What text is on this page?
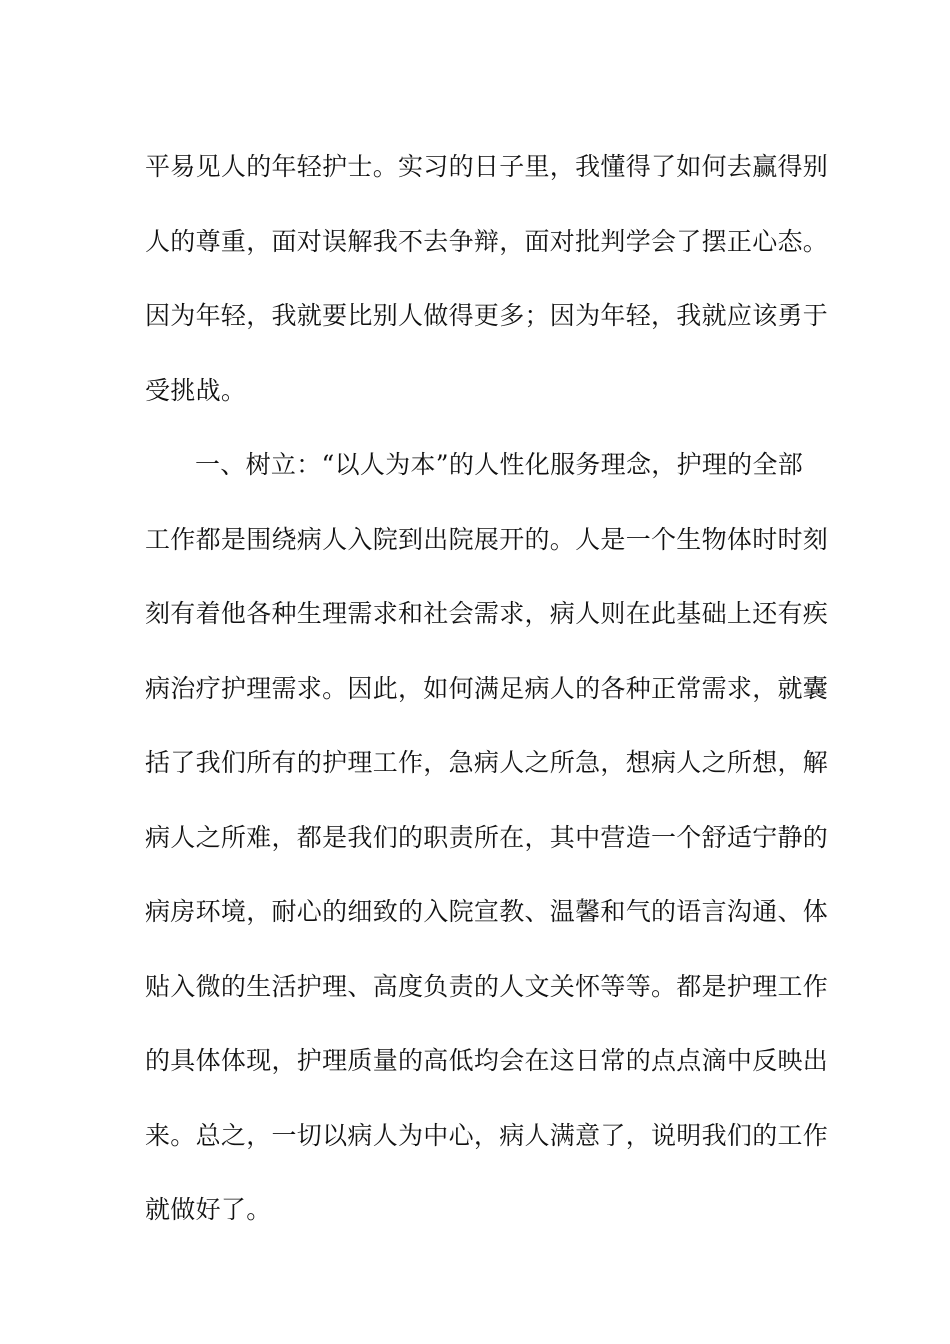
平易见人的年轻护士。实习的日子里，我懂得了如何去赢得别
人的尊重，面对误解我不去争辩，面对批判学会了摆正心态。
因为年轻，我就要比别人做得更多；因为年轻，我就应该勇于
受挑战。
一、树立：“以人为本”的人性化服务理念，护理的全部
工作都是围绕病人入院到出院展开的。人是一个生物体时时刻
刻有着他各种生理需求和社会需求，病人则在此基础上还有疾
病治疗护理需求。因此，如何满足病人的各种正常需求，就囊
括了我们所有的护理工作，急病人之所急，想病人之所想，解
病人之所难，都是我们的职责所在，其中营造一个舒适宁静的
病房环境，耐心的细致的入院宣教、温馨和气的语言沟通、体
贴入微的生活护理、高度负责的人文关怀等等。都是护理工作
的具体体现，护理质量的高低均会在这日常的点点滴中反映出
来。总之，一切以病人为中心，病人满意了，说明我们的工作
就做好了。
